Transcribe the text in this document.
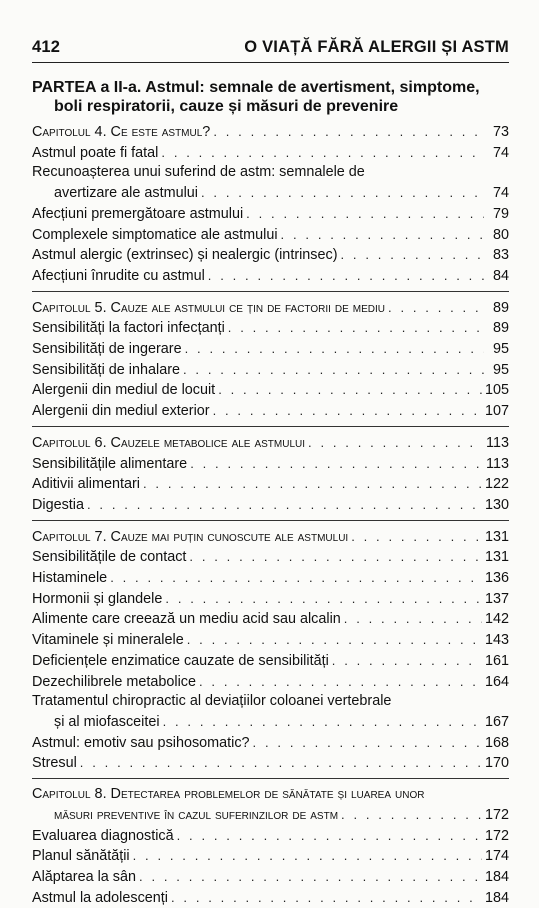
412	O VIAȚĂ FĂRĂ ALERGII ȘI ASTM
PARTEA a II-a. Astmul: semnale de avertisment, simptome,
boli respiratorii, cauze și măsuri de prevenire
Capitolul 4. Ce este astmul? . . .	73
Astmul poate fi fatal . . .	74
Recunoașterea unui suferind de astm: semnalele de
avertizare ale astmului . . .	74
Afecțiuni premergătoare astmului . . .	79
Complexele simptomatice ale astmului . . .	80
Astmul alergic (extrinsec) și nealergic (intrinsec) . . .	83
Afecțiuni înrudite cu astmul . . .	84
Capitolul 5. Cauze ale astmului ce țin de factorii de mediu . . .	89
Sensibilități la factori infecțanți . . .	89
Sensibilități de ingerare . . .	95
Sensibilități de inhalare . . .	95
Alergenii din mediul de locuit . . .	105
Alergenii din mediul exterior . . .	107
Capitolul 6. Cauzele metabolice ale astmului . . .	113
Sensibilitățile alimentare . . .	113
Aditivii alimentari . . .	122
Digestia . . .	130
Capitolul 7. Cauze mai puțin cunoscute ale astmului . . .	131
Sensibilitățile de contact . . .	131
Histaminele . . .	136
Hormonii și glandele . . .	137
Alimente care creează un mediu acid sau alcalin . . .	142
Vitaminele și mineralele . . .	143
Deficiențele enzimatice cauzate de sensibilități . . .	161
Dezechilibrele metabolice . . .	164
Tratamentul chiropractic al deviațiilor coloanei vertebrale
și al miofasceitei . . .	167
Astmul: emotiv sau psihosomatic? . . .	168
Stresul . . .	170
Capitolul 8. Detectarea problemelor de sănătate și luarea unor
măsuri preventive în cazul suferinzilor de astm . . .	172
Evaluarea diagnostică . . .	172
Planul sănătății . . .	174
Alăptarea la sân . . .	184
Astmul la adolescenți . . .	184
